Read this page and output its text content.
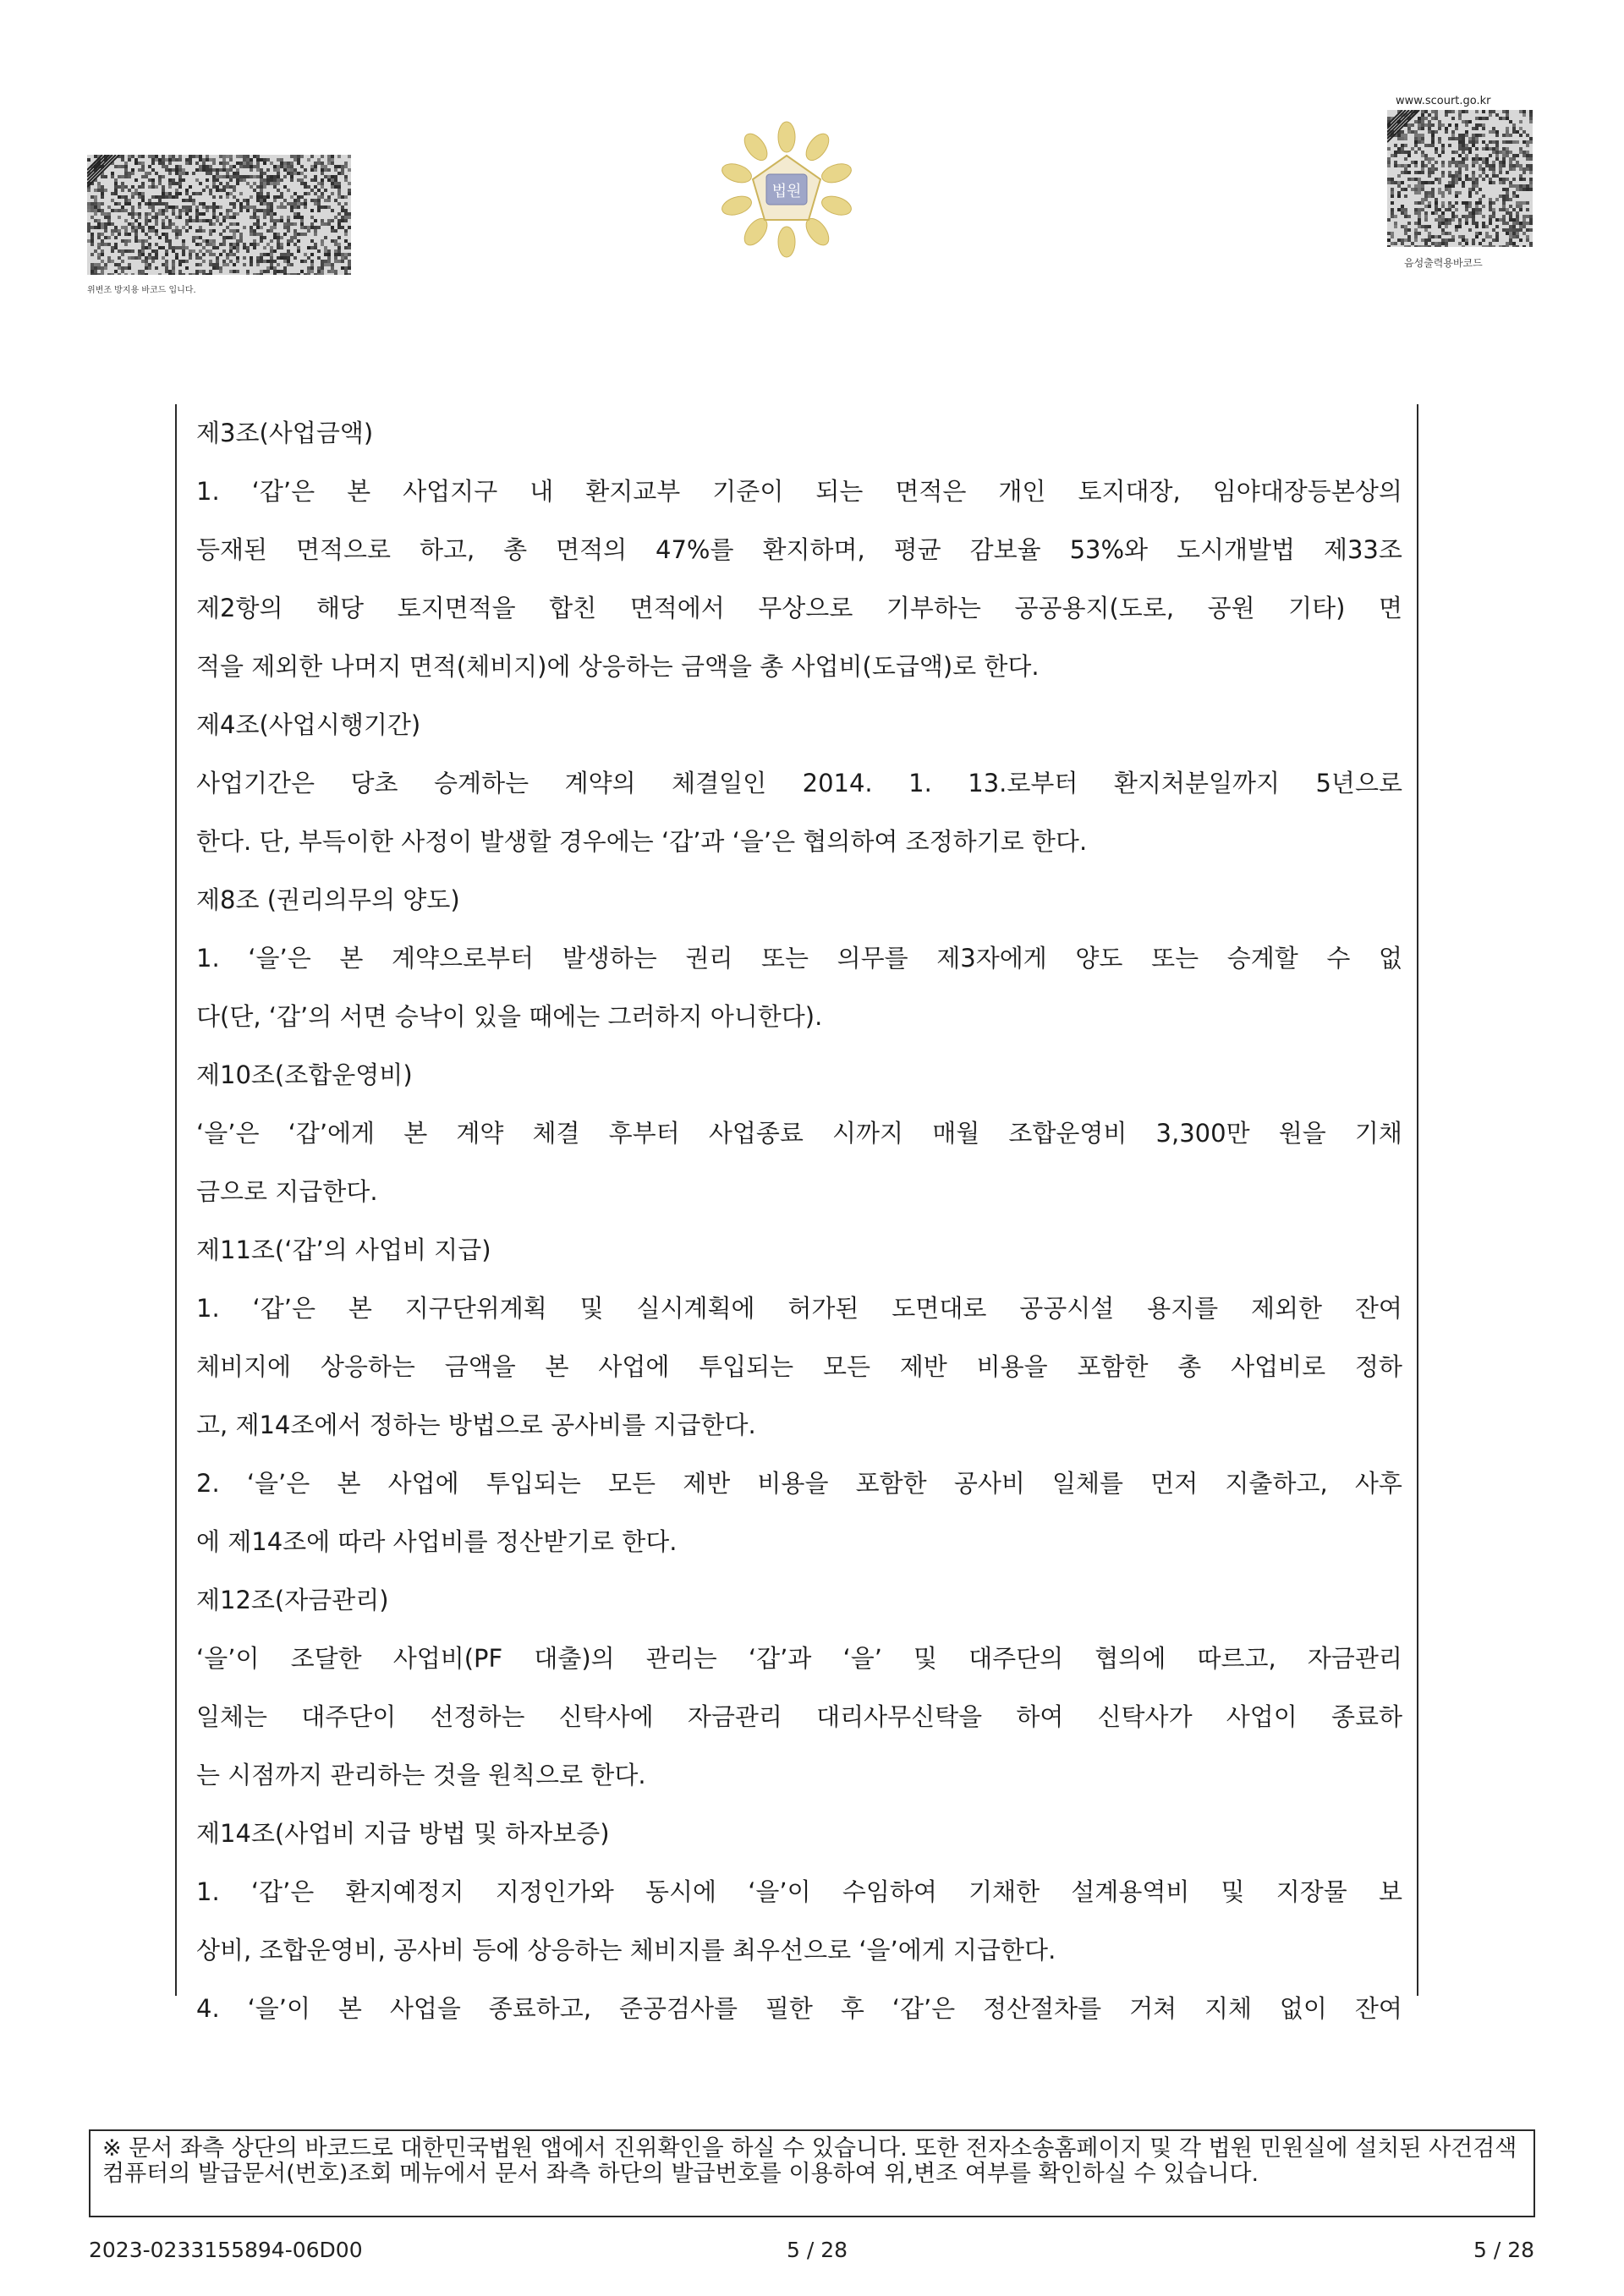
위변조 방지용 바코드 입니다.
법원
www.scourt.go.kr
음성출력용바코드
제3조(사업금액)
1. ‘갑’은 본 사업지구 내 환지교부 기준이 되는 면적은 개인 토지대장, 임야대장등본상의
등재된 면적으로 하고, 총 면적의 47%를 환지하며, 평균 감보율 53%와 도시개발법 제33조
제2항의 해당 토지면적을 합친 면적에서 무상으로 기부하는 공공용지(도로, 공원 기타) 면
적을 제외한 나머지 면적(체비지)에 상응하는 금액을 총 사업비(도급액)로 한다.
제4조(사업시행기간)
사업기간은 당초 승계하는 계약의 체결일인 2014. 1. 13.로부터 환지처분일까지 5년으로
한다. 단, 부득이한 사정이 발생할 경우에는 ‘갑’과 ‘을’은 협의하여 조정하기로 한다.
제8조 (권리의무의 양도)
1. ‘을’은 본 계약으로부터 발생하는 권리 또는 의무를 제3자에게 양도 또는 승계할 수 없
다(단, ‘갑’의 서면 승낙이 있을 때에는 그러하지 아니한다).
제10조(조합운영비)
‘을’은 ‘갑’에게 본 계약 체결 후부터 사업종료 시까지 매월 조합운영비 3,300만 원을 기채
금으로 지급한다.
제11조(‘갑’의 사업비 지급)
1. ‘갑’은 본 지구단위계획 및 실시계획에 허가된 도면대로 공공시설 용지를 제외한 잔여
체비지에 상응하는 금액을 본 사업에 투입되는 모든 제반 비용을 포함한 총 사업비로 정하
고, 제14조에서 정하는 방법으로 공사비를 지급한다.
2. ‘을’은 본 사업에 투입되는 모든 제반 비용을 포함한 공사비 일체를 먼저 지출하고, 사후
에 제14조에 따라 사업비를 정산받기로 한다.
제12조(자금관리)
‘을’이 조달한 사업비(PF 대출)의 관리는 ‘갑’과 ‘을’ 및 대주단의 협의에 따르고, 자금관리
일체는 대주단이 선정하는 신탁사에 자금관리 대리사무신탁을 하여 신탁사가 사업이 종료하
는 시점까지 관리하는 것을 원칙으로 한다.
제14조(사업비 지급 방법 및 하자보증)
1. ‘갑’은 환지예정지 지정인가와 동시에 ‘을’이 수임하여 기채한 설계용역비 및 지장물 보
상비, 조합운영비, 공사비 등에 상응하는 체비지를 최우선으로 ‘을’에게 지급한다.
4. ‘을’이 본 사업을 종료하고, 준공검사를 필한 후 ‘갑’은 정산절차를 거쳐 지체 없이 잔여
※ 문서 좌측 상단의 바코드로 대한민국법원 앱에서 진위확인을 하실 수 있습니다. 또한 전자소송홈페이지 및 각 법원 민원실에 설치된 사건검색 컴퓨터의 발급문서(번호)조회 메뉴에서 문서 좌측 하단의 발급번호를 이용하여 위,변조 여부를 확인하실 수 있습니다.
2023-0233155894-06D00	5 / 28	5 / 28
